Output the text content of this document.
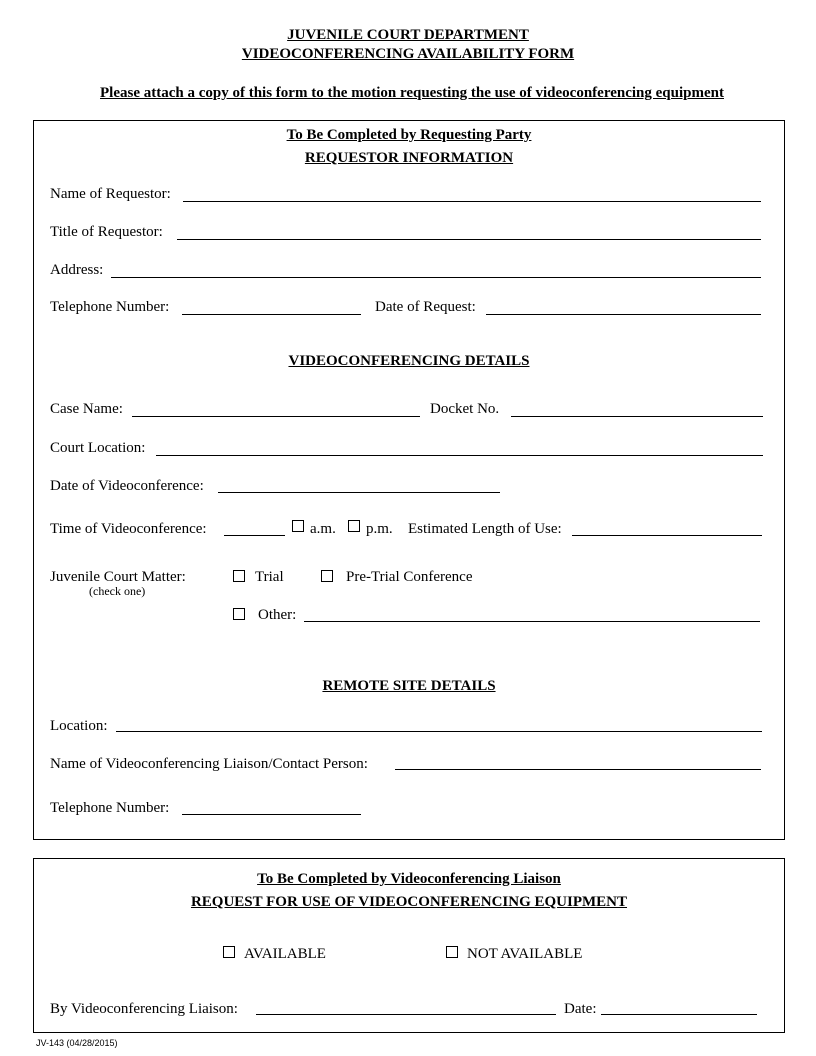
JUVENILE COURT DEPARTMENT
VIDEOCONFERENCING AVAILABILITY FORM
Please attach a copy of this form to the motion requesting the use of videoconferencing equipment
To Be Completed by Requesting Party
REQUESTOR INFORMATION
Name of Requestor:
Title of Requestor:
Address:
Telephone Number:	Date of Request:
VIDEOCONFERENCING DETAILS
Case Name:	Docket No.
Court Location:
Date of Videoconference:
Time of Videoconference:	a.m. p.m. Estimated Length of Use:
Juvenile Court Matter:
(check one)
Trial	Pre-Trial Conference
Other:
REMOTE SITE DETAILS
Location:
Name of Videoconferencing Liaison/Contact Person:
Telephone Number:
To Be Completed by Videoconferencing Liaison
REQUEST FOR USE OF VIDEOCONFERENCING EQUIPMENT
AVAILABLE	NOT AVAILABLE
By Videoconferencing Liaison:	Date:
JV-143 (04/28/2015)
